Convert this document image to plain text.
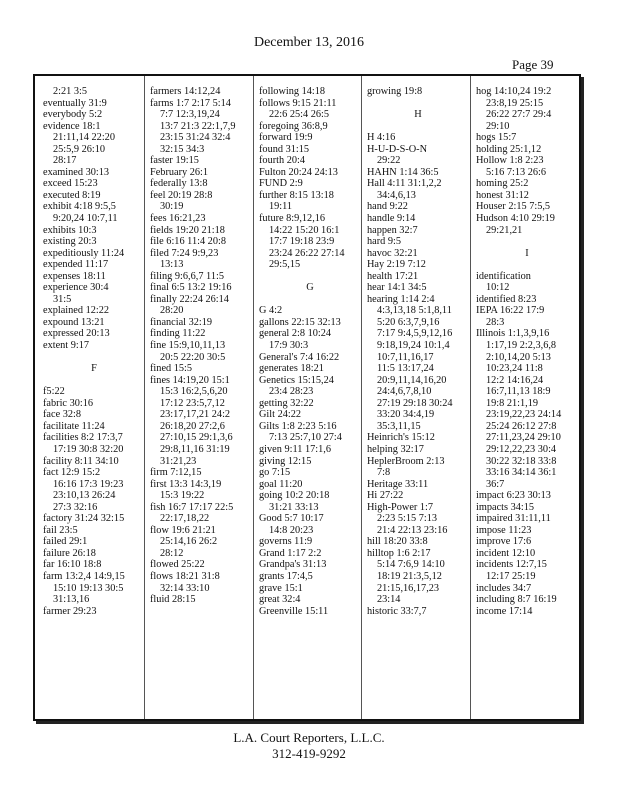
December 13, 2016
Page 39
2:21 3:5
eventually 31:9
everybody 5:2
evidence 18:1
21:11,14 22:20
25:5,9 26:10
28:17
examined 30:13
exceed 15:23
executed 8:19
exhibit 4:18 9:5,5
9:20,24 10:7,11
exhibits 10:3
existing 20:3
expeditiously 11:24
expended 11:17
expenses 18:11
experience 30:4
31:5
explained 12:22
expound 13:21
expressed 20:13
extent 9:17

F

f5:22
fabric 30:16
face 32:8
facilitate 11:24
facilities 8:2 17:3,7
17:19 30:8 32:20
facility 8:11 34:10
fact 12:9 15:2
16:16 17:3 19:23
23:10,13 26:24
27:3 32:16
factory 31:24 32:15
fail 23:5
failed 29:1
failure 26:18
far 16:10 18:8
farm 13:2,4 14:9,15
15:10 19:13 30:5
31:13,16
farmer 29:23
farmers 14:12,24
farms 1:7 2:17 5:14
7:7 12:3,19,24
13:7 21:3 22:1,7,9
23:15 31:24 32:4
32:15 34:3
faster 19:15
February 26:1
federally 13:8
feel 20:19 28:8
30:19
fees 16:21,23
fields 19:20 21:18
file 6:16 11:4 20:8
filed 7:24 9:9,23
13:13
filing 9:6,6,7 11:5
final 6:5 13:2 19:16
finally 22:24 26:14
28:20
financial 32:19
finding 11:22
fine 15:9,10,11,13
20:5 22:20 30:5
fined 15:5
fines 14:19,20 15:1
15:3 16:2,5,6,20
17:12 23:5,7,12
23:17,17,21 24:2
26:18,20 27:2,6
27:10,15 29:1,3,6
29:8,11,16 31:19
31:21,23
firm 7:12,15
first 13:3 14:3,19
15:3 19:22
fish 16:7 17:17 22:5
22:17,18,22
flow 19:6 21:21
25:14,16 26:2
28:12
flowed 25:22
flows 18:21 31:8
32:14 33:10
fluid 28:15
following 14:18
follows 9:15 21:11
22:6 25:4 26:5
foregoing 36:8,9
forward 19:9
found 31:15
fourth 20:4
Fulton 20:24 24:13
FUND 2:9
further 8:15 13:18
19:11
future 8:9,12,16
14:22 15:20 16:1
17:7 19:18 23:9
23:24 26:22 27:14
29:5,15

G

G 4:2
gallons 22:15 32:13
general 2:8 10:24
17:9 30:3
General's 7:4 16:22
generates 18:21
Genetics 15:15,24
23:4 28:23
getting 32:22
Gilt 24:22
Gilts 1:8 2:23 5:16
7:13 25:7,10 27:4
given 9:11 17:1,6
giving 12:15
go 7:15
goal 11:20
going 10:2 20:18
31:21 33:13
Good 5:7 10:17
14:8 20:23
governs 11:9
Grand 1:17 2:2
Grandpa's 31:13
grants 17:4,5
grave 15:1
great 32:4
Greenville 15:11
growing 19:8

H

H 4:16
H-U-D-S-O-N
29:22
HAHN 1:14 36:5
Hall 4:11 31:1,2,2
34:4,6,13
hand 9:22
handle 9:14
happen 32:7
hard 9:5
havoc 32:21
Hay 2:19 7:12
health 17:21
hear 14:1 34:5
hearing 1:14 2:4
4:3,13,18 5:1,8,11
5:20 6:3,7,9,16
7:17 9:4,5,9,12,16
9:18,19,24 10:1,4
10:7,11,16,17
11:5 13:17,24
20:9,11,14,16,20
24:4,6,7,8,10
27:19 29:18 30:24
33:20 34:4,19
35:3,11,15
Heinrich's 15:12
helping 32:17
HeplerBroom 2:13
7:8
Heritage 33:11
Hi 27:22
High-Power 1:7
2:23 5:15 7:13
21:4 22:13 23:16
hill 18:20 33:8
hilltop 1:6 2:17
5:14 7:6,9 14:10
18:19 21:3,5,12
21:15,16,17,23
23:14
historic 33:7,7
hog 14:10,24 19:2
23:8,19 25:15
26:22 27:7 29:4
29:10
hogs 15:7
holding 25:1,12
Hollow 1:8 2:23
5:16 7:13 26:6
homing 25:2
honest 31:12
Houser 2:15 7:5,5
Hudson 4:10 29:19
29:21,21

I

identification
10:12
identified 8:23
IEPA 16:22 17:9
28:3
Illinois 1:1,3,9,16
1:17,19 2:2,3,6,8
2:10,14,20 5:13
10:23,24 11:8
12:2 14:16,24
16:7,11,13 18:9
19:8 21:1,19
23:19,22,23 24:14
25:24 26:12 27:8
27:11,23,24 29:10
29:12,22,23 30:4
30:22 32:18 33:8
33:16 34:14 36:1
36:7
impact 6:23 30:13
impacts 34:15
impaired 31:11,11
impose 11:23
improve 17:6
incident 12:10
incidents 12:7,15
12:17 25:19
includes 34:7
including 8:7 16:19
income 17:14
L.A. Court Reporters, L.L.C.
312-419-9292
